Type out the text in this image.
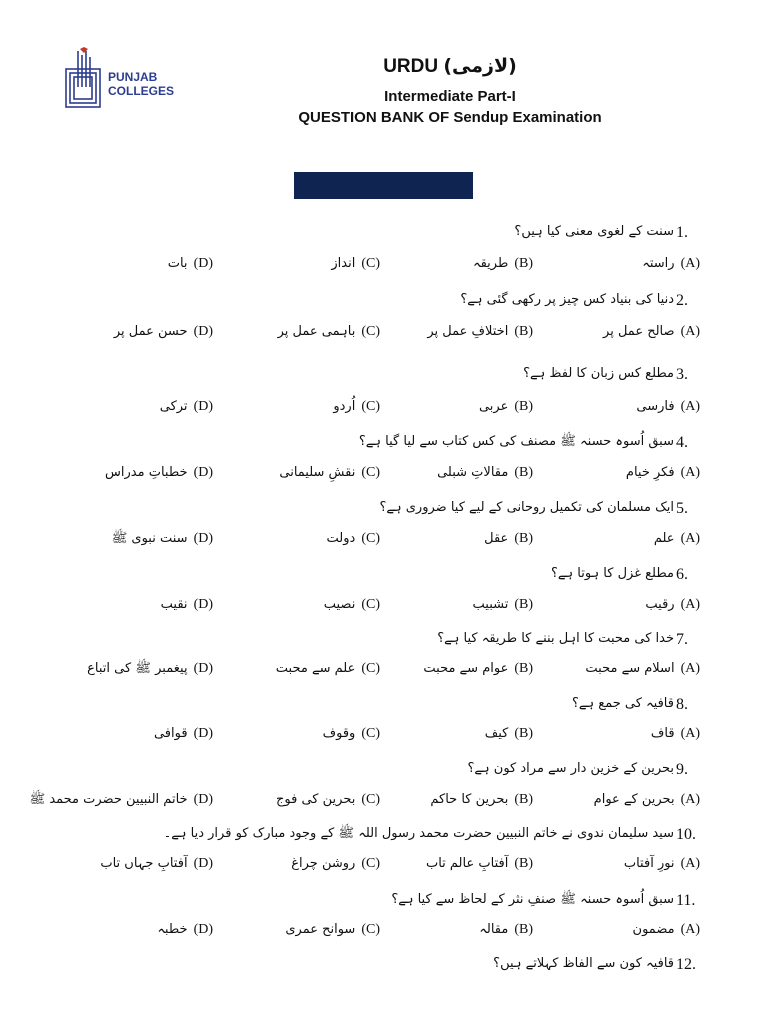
PUNJAB
COLLEGES
URDU (لازمی)
Intermediate Part-I
QUESTION BANK OF Sendup Examination
1.
سنت کے لغوی معنی کیا ہیں؟
(A)راستہ
(B)طریقہ
(C)انداز
(D)بات
2.
دنیا کی بنیاد کس چیز پر رکھی گئی ہے؟
(A)صالح عمل پر
(B)اختلافِ عمل پر
(C)باہمی عمل پر
(D)حسن عمل پر
3.
مطلع کس زبان کا لفظ ہے؟
(A)فارسی
(B)عربی
(C)اُردو
(D)ترکی
4.
سبق اُسوہ حسنہ ﷺ مصنف کی کس کتاب سے لیا گیا ہے؟
(A)فکرِ خیام
(B)مقالاتِ شبلی
(C)نقشِ سلیمانی
(D)خطباتِ مدراس
5.
ایک مسلمان کی تکمیل روحانی کے لیے کیا ضروری ہے؟
(A)علم
(B)عقل
(C)دولت
(D)سنت نبوی ﷺ
6.
مطلع غزل کا ہوتا ہے؟
(A)رقیب
(B)تشبیب
(C)نصیب
(D)نقیب
7.
خدا کی محبت کا اہل بننے کا طریقہ کیا ہے؟
(A)اسلام سے محبت
(B)عوام سے محبت
(C)علم سے محبت
(D)پیغمبر ﷺ کی اتباع
8.
قافیہ کی جمع ہے؟
(A)قاف
(B)کیف
(C)وقوف
(D)قوافی
9.
بحرین کے خزین دار سے مراد کون ہے؟
(A)بحرین کے عوام
(B)بحرین کا حاکم
(C)بحرین کی فوج
(D)خاتم النبیین حضرت محمد ﷺ
10.
سید سلیمان ندوی نے خاتم النبیین حضرت محمد رسول اللہ ﷺ کے وجود مبارک کو قرار دیا ہے۔
(A)نورِ آفتاب
(B)آفتابِ عالم تاب
(C)روشن چراغ
(D)آفتابِ جہاں تاب
11.
سبق اُسوہ حسنہ ﷺ صنفِ نثر کے لحاظ سے کیا ہے؟
(A)مضمون
(B)مقالہ
(C)سوانح عمری
(D)خطبہ
12.
قافیہ کون سے الفاظ کہلاتے ہیں؟
